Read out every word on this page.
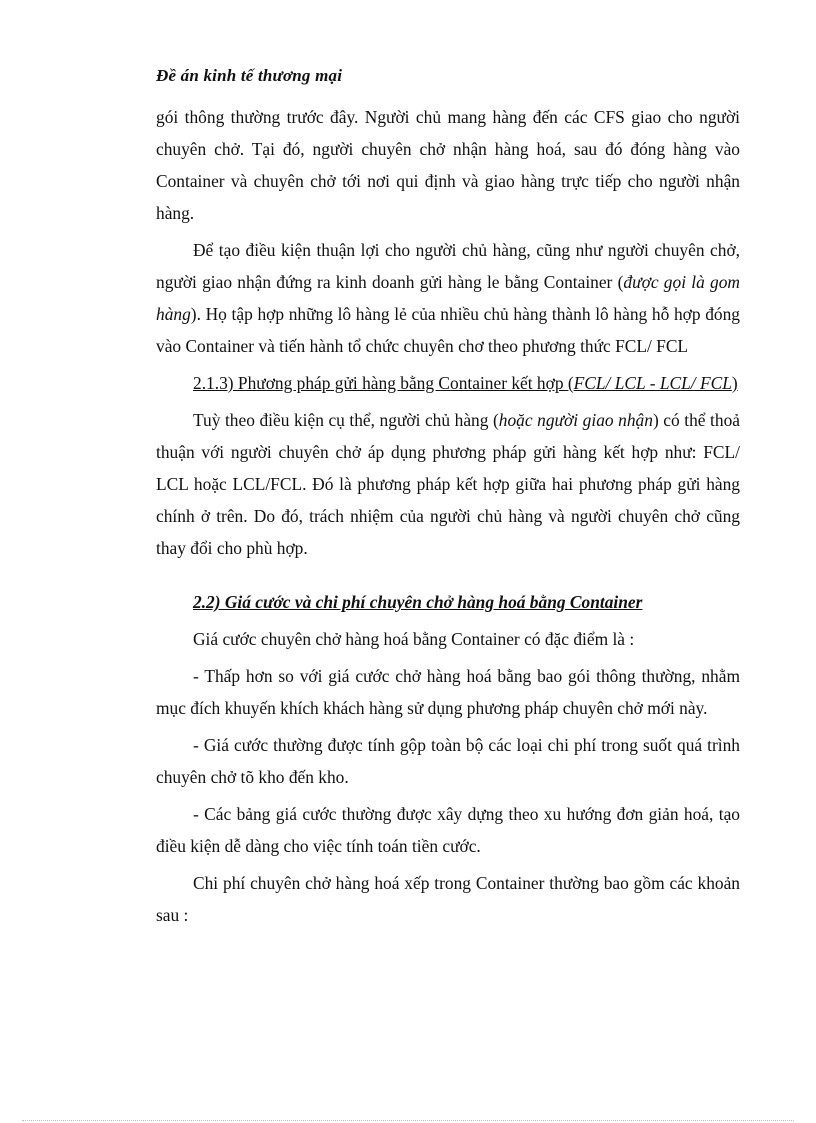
Đề án kinh tế thương mại

gói thông thường trước đây. Người chủ mang hàng đến các CFS giao cho người chuyên chở. Tại đó, người chuyên chở nhận hàng hoá, sau đó đóng hàng vào Container và chuyên chở tới nơi qui định và giao hàng trực tiếp cho người nhận hàng.

Để tạo điều kiện thuận lợi cho người chủ hàng, cũng như người chuyên chở, người giao nhận đứng ra kinh doanh gửi hàng le bằng Container (được gọi là gom hàng). Họ tập hợp những lô hàng lẻ của nhiều chủ hàng thành lô hàng hỗ hợp đóng vào Container và tiến hành tổ chức chuyên chơ theo phương thức FCL/ FCL

2.1.3) Phương pháp gửi hàng bằng Container kết hợp (FCL/ LCL - LCL/ FCL)

Tuỳ theo điều kiện cụ thể, người chủ hàng (hoặc người giao nhận) có thể thoả thuận với người chuyên chở áp dụng phương pháp gửi hàng kết hợp như: FCL/ LCL hoặc LCL/FCL. Đó là phương pháp kết hợp giữa hai phương pháp gửi hàng chính ở trên. Do đó, trách nhiệm của người chủ hàng và người chuyên chở cũng thay đổi cho phù hợp.

2.2) Giá cước và chi phí chuyên chở hàng hoá bằng Container

Giá cước chuyên chở hàng hoá bằng Container có đặc điểm là :

- Thấp hơn so với giá cước chở hàng hoá bằng bao gói thông thường, nhằm mục đích khuyến khích khách hàng sử dụng phương pháp chuyên chở mới này.

- Giá cước thường được tính gộp toàn bộ các loại chi phí trong suốt quá trình chuyên chở tõ kho đến kho.

- Các bảng giá cước thường được xây dựng theo xu hướng đơn giản hoá, tạo điều kiện dễ dàng cho việc tính toán tiền cước.

Chi phí chuyên chở hàng hoá xếp trong Container thường bao gồm các khoản sau :
